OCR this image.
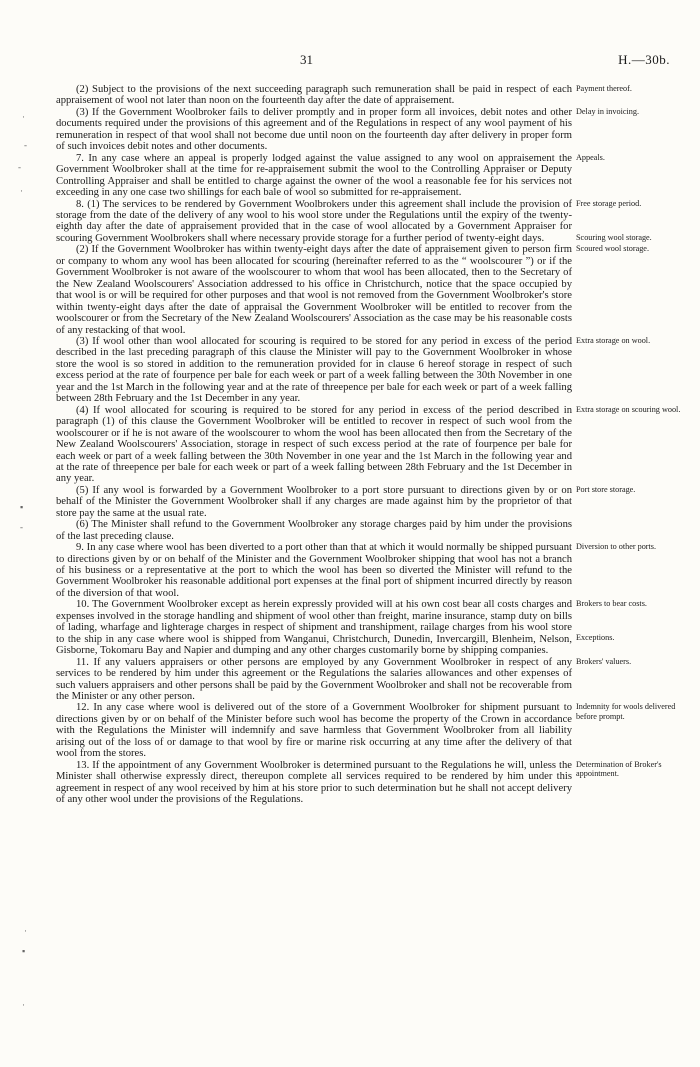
31	H.—30b.
·
-
-
·
▪
-
·
▪
·

(2) Subject to the provisions of the next succeeding paragraph such remuneration shall be paid in respect of each appraisement of wool not later than noon on the fourteenth day after the date of appraisement.
Payment thereof.

(3) If the Government Woolbroker fails to deliver promptly and in proper form all invoices, debit notes and other documents required under the provisions of this agreement and of the Regulations in respect of any wool payment of his remuneration in respect of that wool shall not become due until noon on the fourteenth day after delivery in proper form of such invoices debit notes and other documents.
Delay in invoicing.

7. In any case where an appeal is properly lodged against the value assigned to any wool on appraisement the Government Woolbroker shall at the time for re-appraisement submit the wool to the Controlling Appraiser or Deputy Controlling Appraiser and shall be entitled to charge against the owner of the wool a reasonable fee for his services not exceeding in any one case two shillings for each bale of wool so submitted for re-appraisement.
Appeals.

8. (1) The services to be rendered by Government Woolbrokers under this agreement shall include the provision of storage from the date of the delivery of any wool to his wool store under the Regulations until the expiry of the twenty-eighth day after the date of appraisement provided that in the case of wool allocated by a Government Appraiser for scouring Government Woolbrokers shall where necessary provide storage for a further period of twenty-eight days.
Free storage period.
Scouring wool storage.

(2) If the Government Woolbroker has within twenty-eight days after the date of appraisement given to person firm or company to whom any wool has been allocated for scouring (hereinafter referred to as the “ woolscourer ”) or if the Government Woolbroker is not aware of the woolscourer to whom that wool has been allocated, then to the Secretary of the New Zealand Woolscourers' Association addressed to his office in Christchurch, notice that the space occupied by that wool is or will be required for other purposes and that wool is not removed from the Government Woolbroker's store within twenty-eight days after the date of appraisal the Government Woolbroker will be entitled to recover from the woolscourer or from the Secretary of the New Zealand Woolscourers' Association as the case may be his reasonable costs of any restacking of that wool.
Scoured wool storage.

(3) If wool other than wool allocated for scouring is required to be stored for any period in excess of the period described in the last preceding paragraph of this clause the Minister will pay to the Government Woolbroker in whose store the wool is so stored in addition to the remuneration provided for in clause 6 hereof storage in respect of such excess period at the rate of fourpence per bale for each week or part of a week falling between the 30th November in one year and the 1st March in the following year and at the rate of threepence per bale for each week or part of a week falling between 28th February and the 1st December in any year.
Extra storage on wool.

(4) If wool allocated for scouring is required to be stored for any period in excess of the period described in paragraph (1) of this clause the Government Woolbroker will be entitled to recover in respect of such wool from the woolscourer or if he is not aware of the woolscourer to whom the wool has been allocated then from the Secretary of the New Zealand Woolscourers' Association, storage in respect of such excess period at the rate of fourpence per bale for each week or part of a week falling between the 30th November in one year and the 1st March in the following year and at the rate of threepence per bale for each week or part of a week falling between 28th February and the 1st December in any year.
Extra storage on scouring wool.

(5) If any wool is forwarded by a Government Woolbroker to a port store pursuant to directions given by or on behalf of the Minister the Government Woolbroker shall if any charges are made against him by the proprietor of that store pay the same at the usual rate.
Port store storage.

(6) The Minister shall refund to the Government Woolbroker any storage charges paid by him under the provisions of the last preceding clause.

9. In any case where wool has been diverted to a port other than that at which it would normally be shipped pursuant to directions given by or on behalf of the Minister and the Government Woolbroker shipping that wool has not a branch of his business or a representative at the port to which the wool has been so diverted the Minister will refund to the Government Woolbroker his reasonable additional port expenses at the final port of shipment incurred directly by reason of the diversion of that wool.
Diversion to other ports.

10. The Government Woolbroker except as herein expressly provided will at his own cost bear all costs charges and expenses involved in the storage handling and shipment of wool other than freight, marine insurance, stamp duty on bills of lading, wharfage and lighterage charges in respect of shipment and transhipment, railage charges from his wool store to the ship in any case where wool is shipped from Wanganui, Christchurch, Dunedin, Invercargill, Blenheim, Nelson, Gisborne, Tokomaru Bay and Napier and dumping and any other charges customarily borne by shipping companies.
Brokers to bear costs.
Exceptions.

11. If any valuers appraisers or other persons are employed by any Government Woolbroker in respect of any services to be rendered by him under this agreement or the Regulations the salaries allowances and other expenses of such valuers appraisers and other persons shall be paid by the Government Woolbroker and shall not be recoverable from the Minister or any other person.
Brokers' valuers.

12. In any case where wool is delivered out of the store of a Government Woolbroker for shipment pursuant to directions given by or on behalf of the Minister before such wool has become the property of the Crown in accordance with the Regulations the Minister will indemnify and save harmless that Government Woolbroker from all liability arising out of the loss of or damage to that wool by fire or marine risk occurring at any time after the delivery of that wool from the stores.
Indemnity for wools delivered before prompt.

13. If the appointment of any Government Woolbroker is determined pursuant to the Regulations he will, unless the Minister shall otherwise expressly direct, thereupon complete all services required to be rendered by him under this agreement in respect of any wool received by him at his store prior to such determination but he shall not accept delivery of any other wool under the provisions of the Regulations.
Determination of Broker's appointment.
